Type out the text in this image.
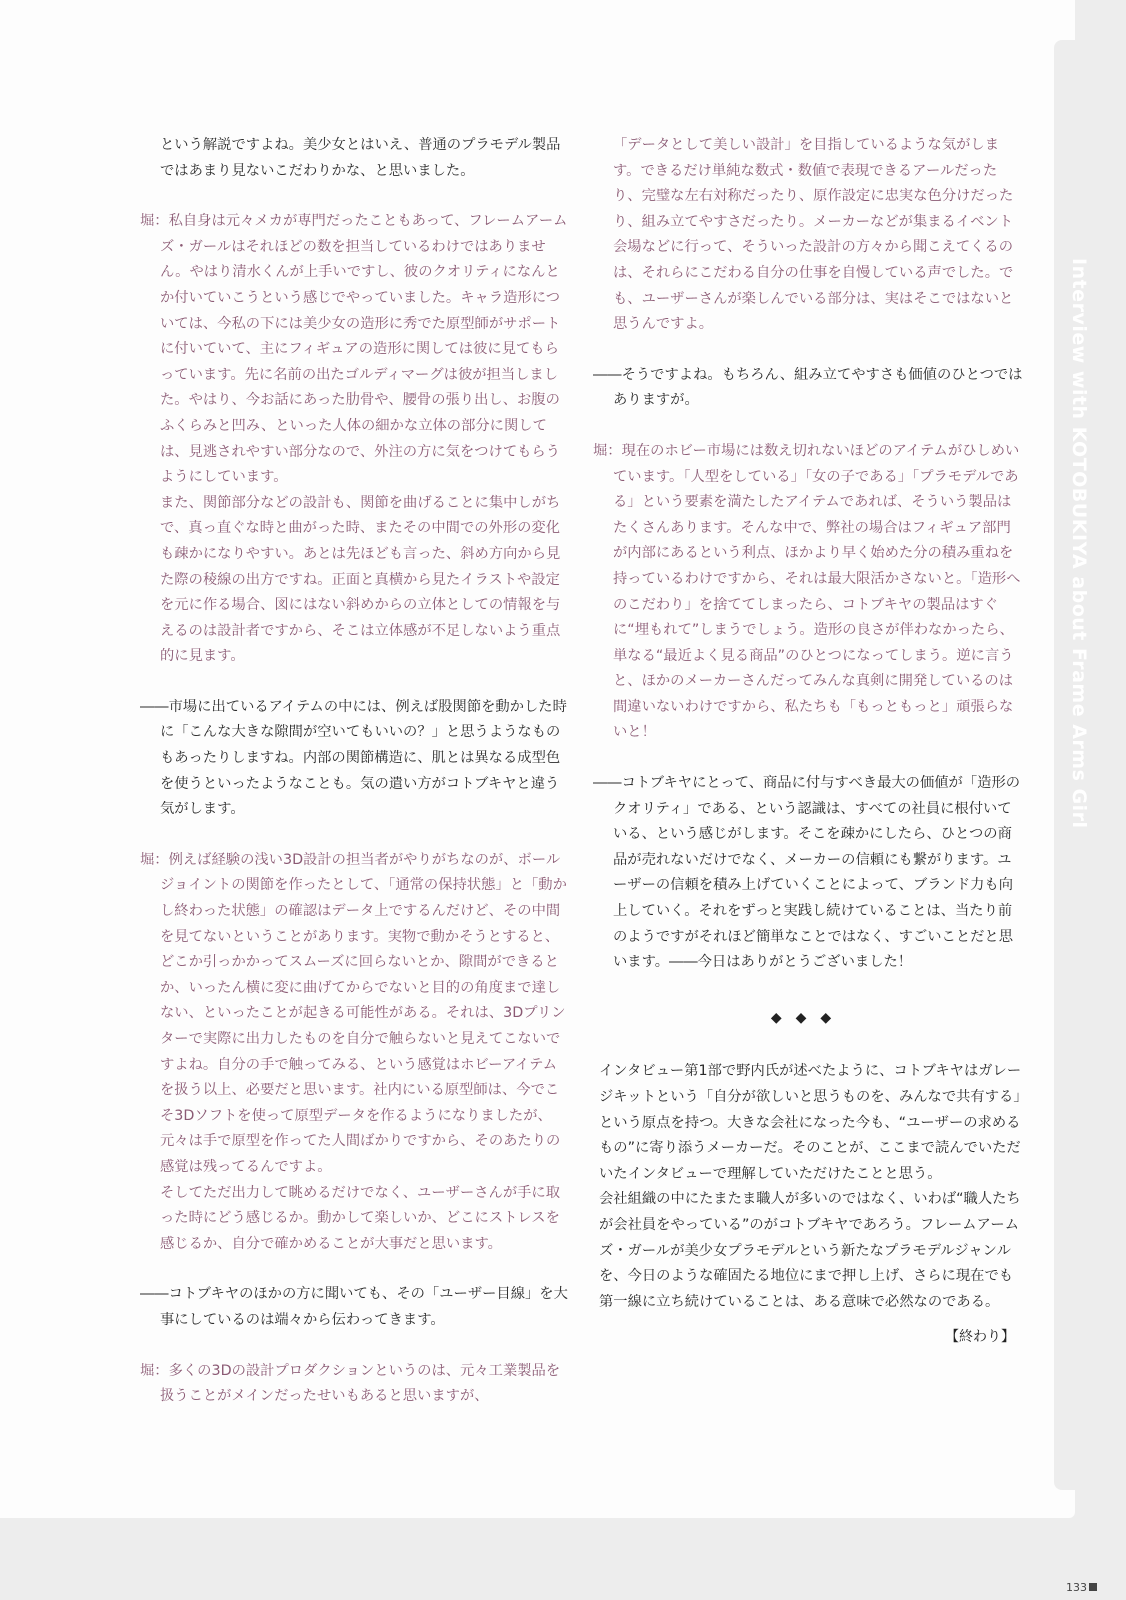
Interview with KOTOBUKIYA about Frame Arms Girl
という解説ですよね。美少女とはいえ、普通のプラモデル製品ではあまり見ないこだわりかな、と思いました。
堀：私自身は元々メカが専門だったこともあって、フレームアームズ・ガールはそれほどの数を担当しているわけではありません。やはり清水くんが上手いですし、彼のクオリティになんとか付いていこうという感じでやっていました。キャラ造形については、今私の下には美少女の造形に秀でた原型師がサポートに付いていて、主にフィギュアの造形に関しては彼に見てもらっています。先に名前の出たゴルディマーグは彼が担当しました。やはり、今お話にあった肋骨や、腰骨の張り出し、お腹のふくらみと凹み、といった人体の細かな立体の部分に関しては、見逃されやすい部分なので、外注の方に気をつけてもらうようにしています。
また、関節部分などの設計も、関節を曲げることに集中しがちで、真っ直ぐな時と曲がった時、またその中間での外形の変化も疎かになりやすい。あとは先ほども言った、斜め方向から見た際の稜線の出方ですね。正面と真横から見たイラストや設定を元に作る場合、図にはない斜めからの立体としての情報を与えるのは設計者ですから、そこは立体感が不足しないよう重点的に見ます。
――市場に出ているアイテムの中には、例えば股関節を動かした時に「こんな大きな隙間が空いてもいいの？」と思うようなものもあったりしますね。内部の関節構造に、肌とは異なる成型色を使うといったようなことも。気の遣い方がコトブキヤと違う気がします。
堀：例えば経験の浅い3D設計の担当者がやりがちなのが、ボールジョイントの関節を作ったとして、「通常の保持状態」と「動かし終わった状態」の確認はデータ上でするんだけど、その中間を見てないということがあります。実物で動かそうとすると、どこか引っかかってスムーズに回らないとか、隙間ができるとか、いったん横に変に曲げてからでないと目的の角度まで達しない、といったことが起きる可能性がある。それは、3Dプリンターで実際に出力したものを自分で触らないと見えてこないですよね。自分の手で触ってみる、という感覚はホビーアイテムを扱う以上、必要だと思います。社内にいる原型師は、今でこそ3Dソフトを使って原型データを作るようになりましたが、元々は手で原型を作ってた人間ばかりですから、そのあたりの感覚は残ってるんですよ。
そしてただ出力して眺めるだけでなく、ユーザーさんが手に取った時にどう感じるか。動かして楽しいか、どこにストレスを感じるか、自分で確かめることが大事だと思います。
――コトブキヤのほかの方に聞いても、その「ユーザー目線」を大事にしているのは端々から伝わってきます。
堀：多くの3Dの設計プロダクションというのは、元々工業製品を扱うことがメインだったせいもあると思いますが、
「データとして美しい設計」を目指しているような気がします。できるだけ単純な数式・数値で表現できるアールだったり、完璧な左右対称だったり、原作設定に忠実な色分けだったり、組み立てやすさだったり。メーカーなどが集まるイベント会場などに行って、そういった設計の方々から聞こえてくるのは、それらにこだわる自分の仕事を自慢している声でした。でも、ユーザーさんが楽しんでいる部分は、実はそこではないと思うんですよ。
――そうですよね。もちろん、組み立てやすさも価値のひとつではありますが。
堀：現在のホビー市場には数え切れないほどのアイテムがひしめいています。「人型をしている」「女の子である」「プラモデルである」という要素を満たしたアイテムであれば、そういう製品はたくさんあります。そんな中で、弊社の場合はフィギュア部門が内部にあるという利点、ほかより早く始めた分の積み重ねを持っているわけですから、それは最大限活かさないと。「造形へのこだわり」を捨ててしまったら、コトブキヤの製品はすぐに“埋もれて”しまうでしょう。造形の良さが伴わなかったら、単なる“最近よく見る商品”のひとつになってしまう。逆に言うと、ほかのメーカーさんだってみんな真剣に開発しているのは間違いないわけですから、私たちも「もっともっと」頑張らないと！
――コトブキヤにとって、商品に付与すべき最大の価値が「造形のクオリティ」である、という認識は、すべての社員に根付いている、という感じがします。そこを疎かにしたら、ひとつの商品が売れないだけでなく、メーカーの信頼にも繋がります。ユーザーの信頼を積み上げていくことによって、ブランド力も向上していく。それをずっと実践し続けていることは、当たり前のようですがそれほど簡単なことではなく、すごいことだと思います。――今日はありがとうございました！
◆◆◆
インタビュー第1部で野内氏が述べたように、コトブキヤはガレージキットという「自分が欲しいと思うものを、みんなで共有する」という原点を持つ。大きな会社になった今も、“ユーザーの求めるもの”に寄り添うメーカーだ。そのことが、ここまで読んでいただいたインタビューで理解していただけたことと思う。
会社組織の中にたまたま職人が多いのではなく、いわば“職人たちが会社員をやっている”のがコトブキヤであろう。フレームアームズ・ガールが美少女プラモデルという新たなプラモデルジャンルを、今日のような確固たる地位にまで押し上げ、さらに現在でも第一線に立ち続けていることは、ある意味で必然なのである。
【終わり】
133
